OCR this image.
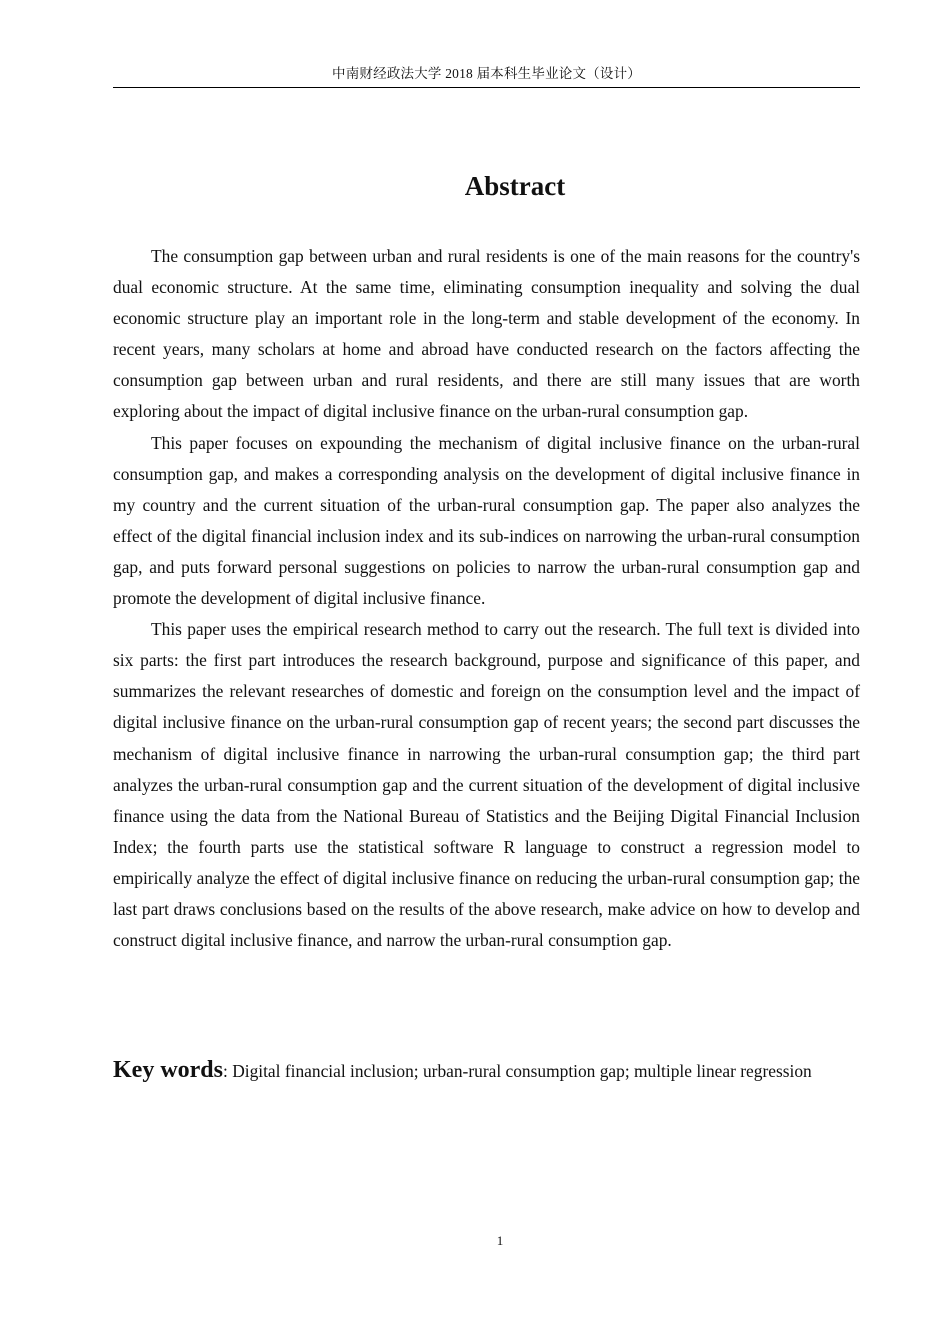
中南财经政法大学 2018 届本科生毕业论文（设计）
Abstract

The consumption gap between urban and rural residents is one of the main reasons for the country's dual economic structure. At the same time, eliminating consumption inequality and solving the dual economic structure play an important role in the long-term and stable development of the economy. In recent years, many scholars at home and abroad have conducted research on the factors affecting the consumption gap between urban and rural residents, and there are still many issues that are worth exploring about the impact of digital inclusive finance on the urban-rural consumption gap.

This paper focuses on expounding the mechanism of digital inclusive finance on the urban-rural consumption gap, and makes a corresponding analysis on the development of digital inclusive finance in my country and the current situation of the urban-rural consumption gap. The paper also analyzes the effect of the digital financial inclusion index and its sub-indices on narrowing the urban-rural consumption gap, and puts forward personal suggestions on policies to narrow the urban-rural consumption gap and promote the development of digital inclusive finance.

This paper uses the empirical research method to carry out the research. The full text is divided into six parts: the first part introduces the research background, purpose and significance of this paper, and summarizes the relevant researches of domestic and foreign on the consumption level and the impact of digital inclusive finance on the urban-rural consumption gap of recent years; the second part discusses the mechanism of digital inclusive finance in narrowing the urban-rural consumption gap; the third part analyzes the urban-rural consumption gap and the current situation of the development of digital inclusive finance using the data from the National Bureau of Statistics and the Beijing Digital Financial Inclusion Index; the fourth parts use the statistical software R language to construct a regression model to empirically analyze the effect of digital inclusive finance on reducing the urban-rural consumption gap; the last part draws conclusions based on the results of the above research, make advice on how to develop and construct digital inclusive finance, and narrow the urban-rural consumption gap.

Key words: Digital financial inclusion; urban-rural consumption gap; multiple linear regression
1
